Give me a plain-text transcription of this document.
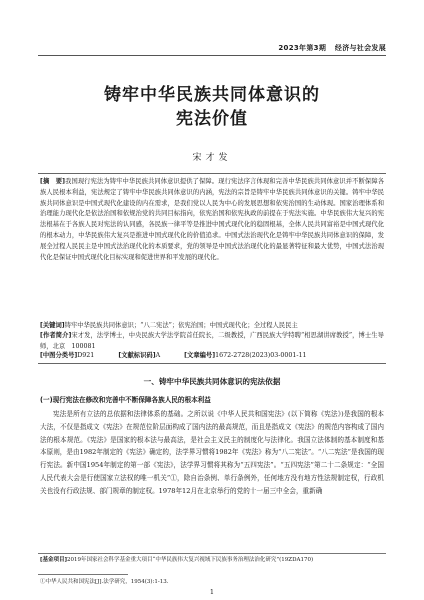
2023年第3期 经济与社会发展
铸牢中华民族共同体意识的
宪法价值
宋才发
[摘　要]我国现行宪法为铸牢中华民族共同体意识提供了保障。现行宪法序言体现和完善中华民族共同体意识并不断保障各族人民根本利益，宪法规定了铸牢中华民族共同体意识的内涵，宪法的宗旨是铸牢中华民族共同体意识的关键。铸牢中华民族共同体意识是中国式现代化建设的内在需求，是我们党以人民为中心的发展思想和依宪治国的生动体现。国家治理体系和治理能力现代化是依法治国和依规治党的共同目标指向，依宪治国和依宪执政的前提在于宪法实施。中华民族伟大复兴的宪法根基在于各族人民对宪法的认同感，各民族一律平等是推进中国式现代化的稳固根基，全体人民共同富裕是中国式现代化的根本动力，中华民族伟大复兴是推进中国式现代化的价值追求。中国式法治现代化是铸牢中华民族共同体意识的保障，发展全过程人民民主是中国式法治现代化的本质要求，党的领导是中国式法治现代化的最显著特征和最大优势，中国式法治现代化是保证中国式现代化目标实现和促进世界和平发展的现代化。
[关键词]铸牢中华民族共同体意识；“八二宪法”；依宪治国；中国式现代化；全过程人民民主
[作者简介]宋才发，法学博士，中央民族大学法学院首任院长，二级教授，广西民族大学特聘“相思湖讲席教授”，博士生导师，北京　100081
[中图分类号]D921	[文献标识码]A	[文章编号]1672-2728(2023)03-0001-11
一、铸牢中华民族共同体意识的宪法依据
(一)现行宪法在修改和完善中不断保障各族人民的根本利益
宪法是所有立法的总依据和法律体系的基础。之所以说《中华人民共和国宪法》(以下简称《宪法》)是我国的根本大法，不仅是指成文《宪法》在规范位阶层面构成了国内法的最高规范，而且是指成文《宪法》的规范内容构成了国内法的根本规范。《宪法》是国家的根本法与最高法，是社会主义民主的制度化与法律化。我国立法体制的基本制度和基本原则，是由1982年制定的《宪法》确定的，法学界习惯将1982年《宪法》称为“八二宪法”。“八二宪法”是我国的现行宪法。新中国1954年制定的第一部《宪法》，法学界习惯将其称为“五四宪法”。“五四宪法”第二十二条规定：“全国人民代表大会是行使国家立法权的唯一机关”①，除自治条例、单行条例外，任何地方没有地方性法规制定权，行政机关也没有行政法规、部门规章的制定权。1978年12月在北京举行的党的十一届三中全会，重新确
[基金项目]2019年国家社会科学基金重大项目“中华民族伟大复兴视域下民族事务治理法治化研究”(19ZDA170)
①中华人民共和国宪法[J].法学研究，1954(3):1-13.
1
